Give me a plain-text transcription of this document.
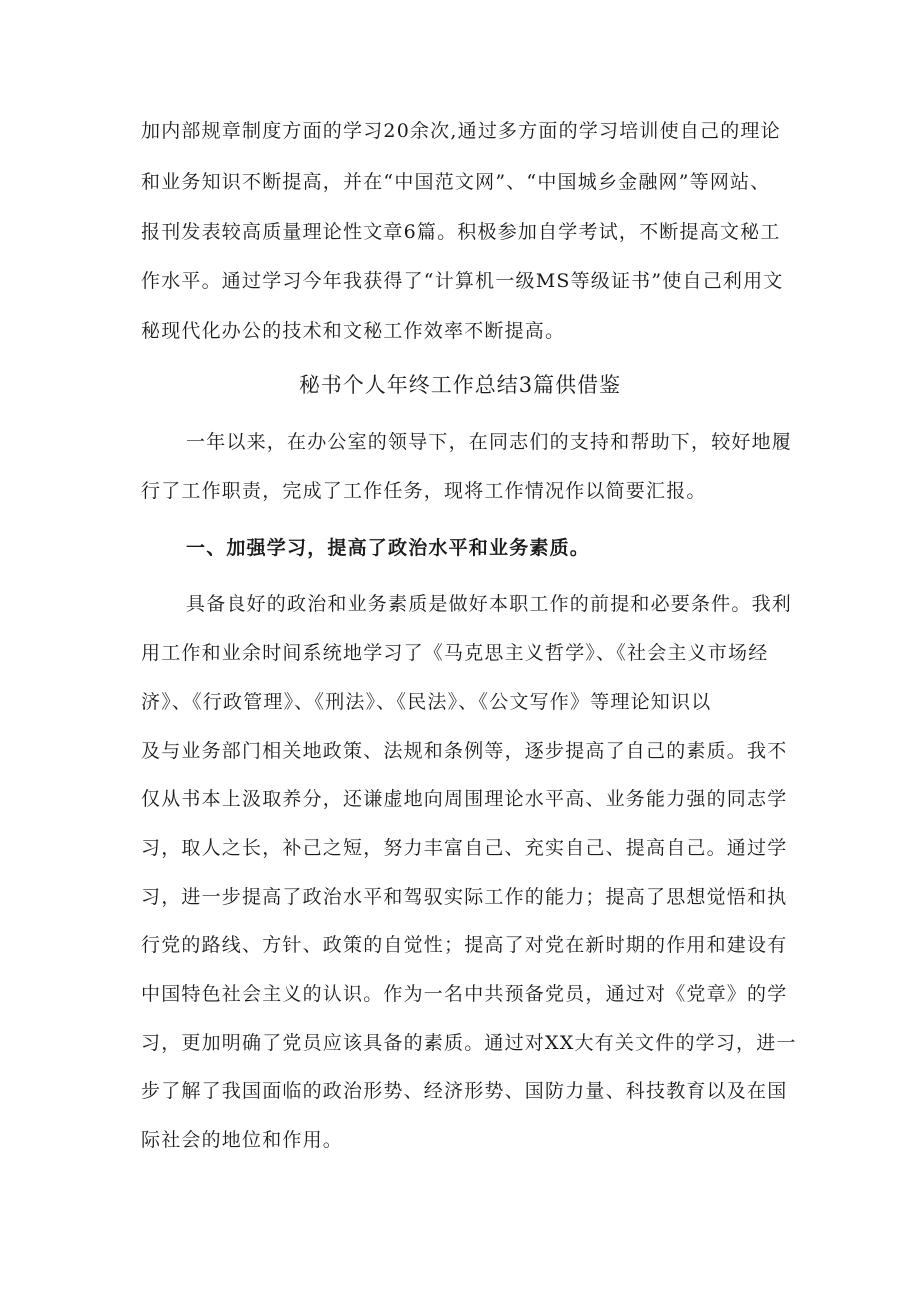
加内部规章制度方面的学习20余次,通过多方面的学习培训使自己的理论
和业务知识不断提高，并在“中国范文网”、“中国城乡金融网”等网站、
报刊发表较高质量理论性文章6篇。积极参加自学考试，不断提高文秘工
作水平。通过学习今年我获得了“计算机一级MS等级证书”使自己利用文
秘现代化办公的技术和文秘工作效率不断提高。
秘书个人年终工作总结3篇供借鉴
一年以来，在办公室的领导下，在同志们的支持和帮助下，较好地履
行了工作职责，完成了工作任务，现将工作情况作以简要汇报。
一、加强学习，提高了政治水平和业务素质。
具备良好的政治和业务素质是做好本职工作的前提和必要条件。我利
用工作和业余时间系统地学习了《马克思主义哲学》、《社会主义市场经
济》、《行政管理》、《刑法》、《民法》、《公文写作》等理论知识以
及与业务部门相关地政策、法规和条例等，逐步提高了自己的素质。我不
仅从书本上汲取养分，还谦虚地向周围理论水平高、业务能力强的同志学
习，取人之长，补己之短，努力丰富自己、充实自己、提高自己。通过学
习，进一步提高了政治水平和驾驭实际工作的能力；提高了思想觉悟和执
行党的路线、方针、政策的自觉性；提高了对党在新时期的作用和建设有
中国特色社会主义的认识。作为一名中共预备党员，通过对《党章》的学
习，更加明确了党员应该具备的素质。通过对XX大有关文件的学习，进一
步了解了我国面临的政治形势、经济形势、国防力量、科技教育以及在国
际社会的地位和作用。
